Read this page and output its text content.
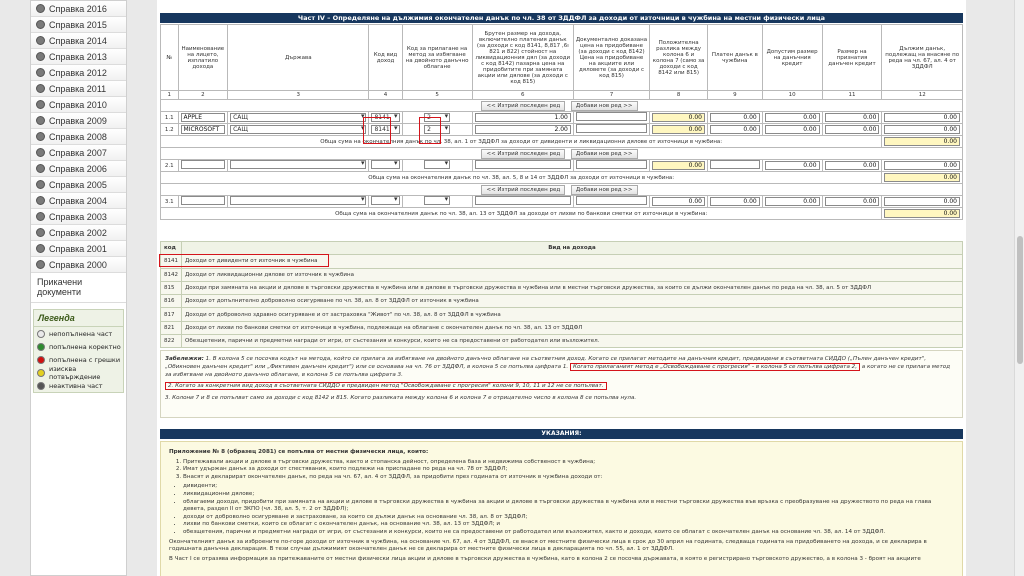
Справка 2016
Справка 2015
Справка 2014
Справка 2013
Справка 2012
Справка 2011
Справка 2010
Справка 2009
Справка 2008
Справка 2007
Справка 2006
Справка 2005
Справка 2004
Справка 2003
Справка 2002
Справка 2001
Справка 2000
Прикачени документи
Легенда
непопълнена част
попълнена коректно
попълнена с грешки
изисква потвърждение
неактивна част
Част IV – Определяне на дължимия окончателен данък по чл. 38 от ЗДДФЛ за доходи от източници в чужбина на местни физически лица
№	Наименование на лицето, изплатило дохода	Държава	Код вид доход	Код за прилагане на метод за избягване на двойното данъчно облагане	Брутен размер на дохода, включително платения данък (за доходи с код 8141, 8ו6, 817, 821 и 822) стойност на ликвидационния дял (за доходи с код 8142) пазарна цена на придобитите при замяната акции или дялове (за доходи с код 815)	Документално доказана цена на придобиване (за доходи с код 8142) Цена на придобиване на акциите или дяловете (за доходи с код 815)	Положителна разлика между колона 6 и колона 7 (само за доходи с код 8142 или 815)	Платен данък в чужбина	Допустим размер на данъчния кредит	Размер на признатия данъчен кредит	Дължим данък, подлежащ на внасяне по реда на чл. 67, ал. 4 от ЗДДФЛ
1	2	3	4	5	6	7	8	9	10	11	12
<< Изтрий последен ред Добави нов ред >>											
1.1	APPLE	САЩ ▾	8141 ▾	2 ▾	1.00		0.00	0.00	0.00	0.00	0.00
1.2	MICROSOFT	САЩ ▾	8141 ▾	2 ▾	2.00		0.00	0.00	0.00	0.00	0.00
Обща сума на окончателния данък по чл. 38, ал. 1 от ЗДДФЛ за доходи от дивиденти и ликвидационни дялове от източници в чужбина:											0.00
<< Изтрий последен ред Добави нов ред >>											
2.1		▾	▾	▾			0.00		0.00	0.00	0.00
Обща сума на окончателния данък по чл. 38, ал. 5, 8 и 14 от ЗДДФЛ за доходи от източници в чужбина:											0.00
<< Изтрий последен ред Добави нов ред >>											
3.1		▾	▾	▾			0.00	0.00	0.00	0.00	0.00
Обща сума на окончателния данък по чл. 38, ал. 13 от ЗДДФЛ за доходи от лихви по банкови сметки от източници в чужбина:											0.00
код	Вид на дохода
8141	Доходи от дивиденти от източник в чужбина
8142	Доходи от ликвидационни дялове от източник в чужбина
815	Доходи при замяната на акции и дялове в търговски дружества в чужбина или в дялове в търговски дружества в чужбина или в местни търговски дружества, за които се дължи окончателен данък по реда на чл. 38, ал. 5 от ЗДДФЛ
816	Доходи от допълнително доброволно осигуряване по чл. 38, ал. 8 от ЗДДФЛ от източник в чужбина
817	Доходи от доброволно здравно осигуряване и от застраховка "Живот" по чл. 38, ал. 8 от ЗДДФЛ в чужбина
821	Доходи от лихви по банкови сметки от източници в чужбина, подлежащи на облагане с окончателен данък по чл. 38, ал. 13 от ЗДДФЛ
822	Обезщетения, парични и предметни награди от игри, от състезания и конкурси, които не са предоставени от работодател или възложител.
Забележки: 1. В колона 5 се посочва кодът на метода, който се прилага за избягване на двойното данъчно облагане на съответния доход. Когато се прилагат методите на данъчния кредит, предвидени в съответната СИДДО („Пълен данъчен кредит", „Обикновен данъчен кредит" или „Фиктивен данъчен кредит") или се основава на чл. 76 от ЗДДФЛ, в колона 5 се попълва цифрата 1. Когато прилаганият метод е „Освобождаване с прогресия" - в колона 5 се попълва цифрата 2, а когато не се прилага метод за избягване на двойното данъчно облагане, в колона 5 се попълва цифрата 3.
2. Когато за конкретния вид доход в съответната СИДДО е предвиден метод "Освобождаване с прогресия" колони 9, 10, 11 и 12 не се попълват.
3. Колони 7 и 8 се попълват само за доходи с код 8142 и 815. Когато разликата между колона 6 и колона 7 е отрицателно число в колона 8 се попълва нула.
УКАЗАНИЯ:

Приложение № 8 (образец 2081) се попълва от местни физически лица, които:

1. Притежавали акции и дялове в търговски дружества, както и стопанска дейност, определена база и недвижима собственост в чужбина;
2. Имат удържан данък за доходи от спестявания, които подлежи на приспадане по реда на чл. 78 от ЗДДФЛ;
3. Внасят и декларират окончателен данък, по реда на чл. 67, ал. 4 от ЗДДФЛ, за придобити през годината от източник в чужбина доходи от:
• дивиденти;
• ликвидационни дялове;
• облагаеми доходи, придобити при замяната на акции и дялове в търговски дружества в чужбина за акции и дялове в търговски дружества в чужбина или в местни търговски дружества във връзка с преобразуване на дружеството по реда на глава девета, раздел II от ЗКПО (чл. 38, ал. 5, т. 2 от ЗДДФЛ);
• доходи от доброволно осигуряване и застраховане, за които се дължи данък на основание чл. 38, ал. 8 от ЗДДФЛ;
• лихви по банкови сметки, които се облагат с окончателен данък, на основание чл. 38, ал. 13 от ЗДДФЛ; и
• обезщетения, парични и предметни награди от игри, от състезания и конкурси, които не са предоставени от работодател или възложител, както и доходи, които се облагат с окончателен данък на основание чл. 38, ал. 14 от ЗДДФЛ.

Окончателният данък за изброените по-горе доходи от източник в чужбина, на основание чл. 67, ал. 4 от ЗДДФЛ, се внася от местните физически лица в срок до 30 април на годината, следваща годината на придобиването на дохода, и се декларира в годишната данъчна декларация. В тези случаи дължимият окончателен данък не се декларира от местните физически лица в декларацията по чл. 55, ал. 1 от ЗДДФЛ.

В Част I се отразява информация за притежаваните от местни физически лица акции и дялове в търговски дружества в чужбина, като в колона 2 се посочва държавата, в която е регистрирано търговското дружество, а в колона 3 - броят на акциите
